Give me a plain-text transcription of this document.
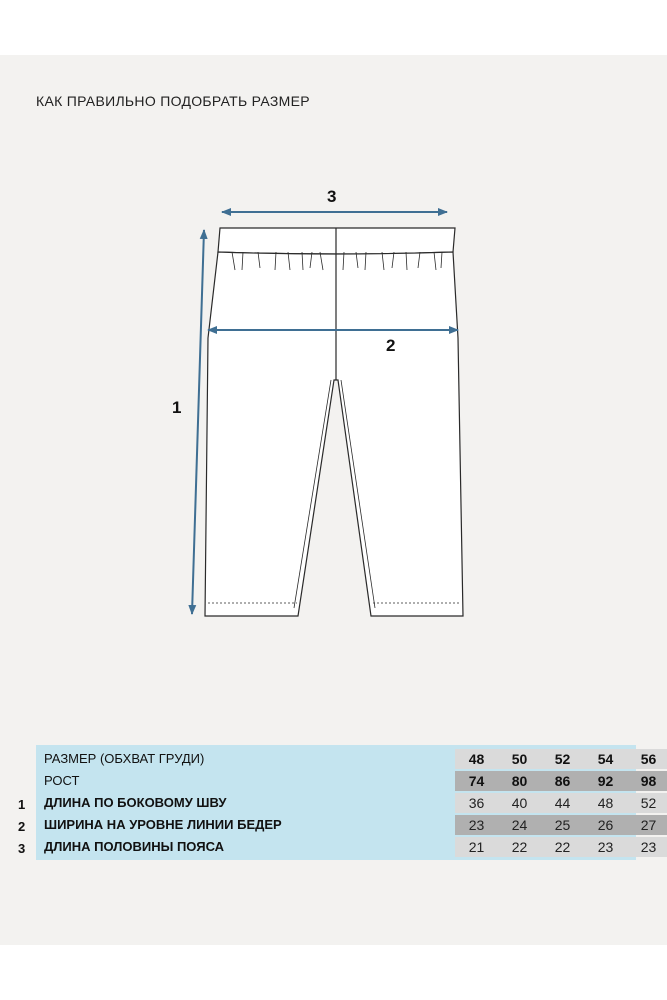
КАК ПРАВИЛЬНО ПОДОБРАТЬ РАЗМЕР
3
2
1
1
2
3
РАЗМЕР (ОБХВАТ ГРУДИ)	48	50	52	54	56
РОСТ	74	80	86	92	98
ДЛИНА ПО БОКОВОМУ ШВУ	36	40	44	48	52
ШИРИНА НА УРОВНЕ ЛИНИИ БЕДЕР	23	24	25	26	27
ДЛИНА ПОЛОВИНЫ ПОЯСА	21	22	22	23	23
